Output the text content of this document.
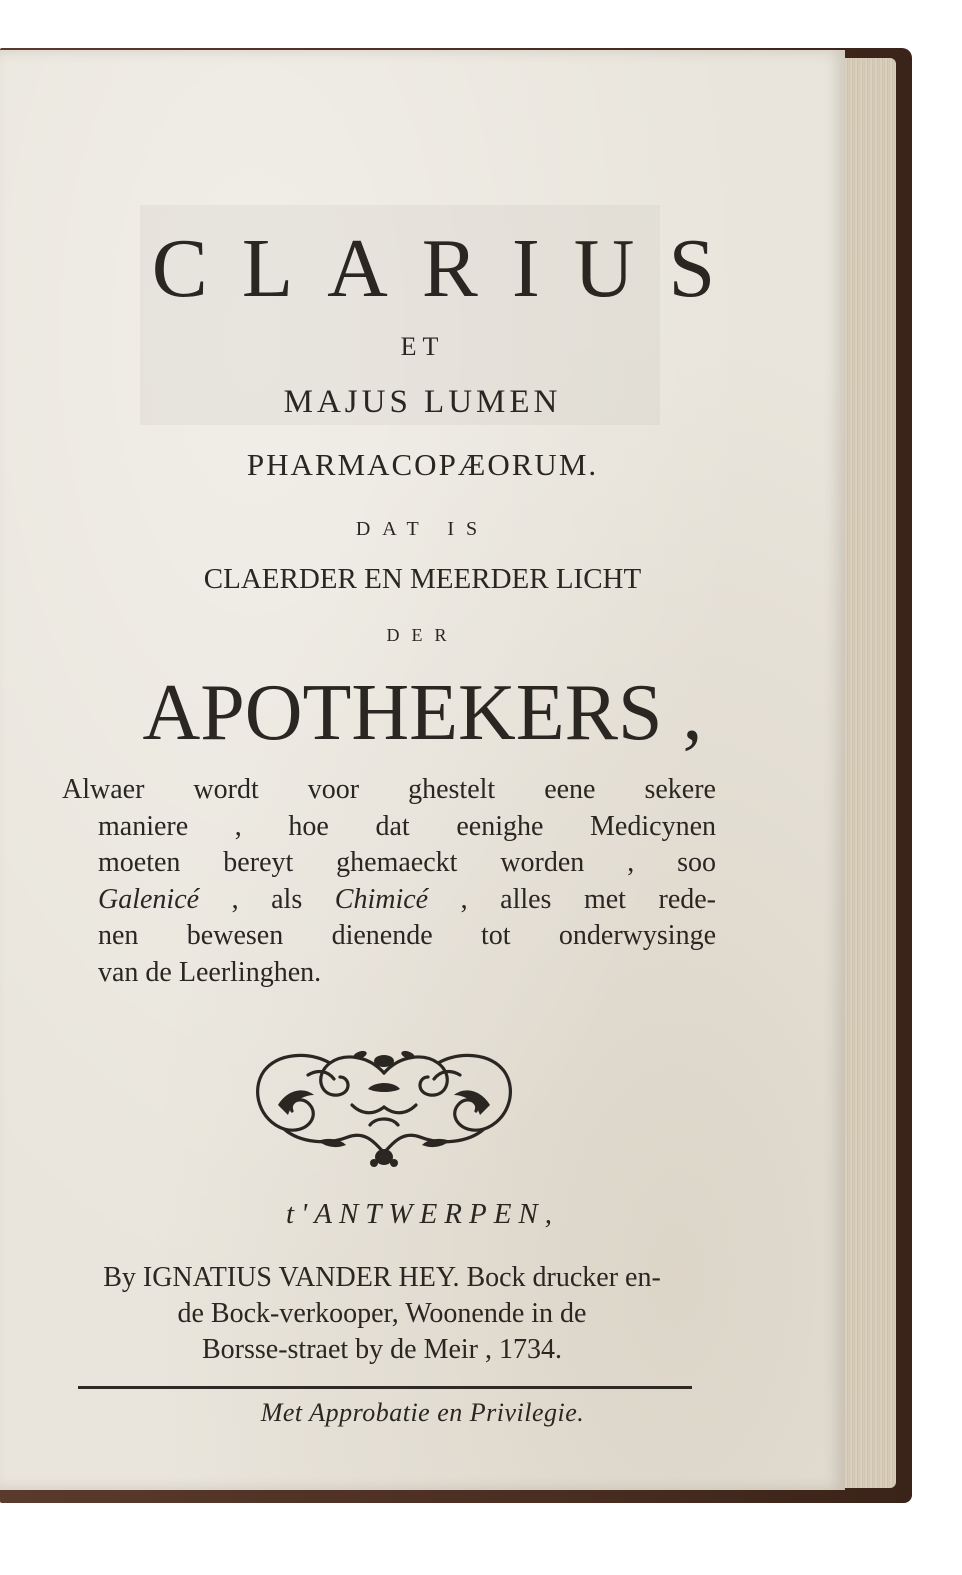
CLARIUS
ET
MAJUS LUMEN
PHARMACOPÆORUM.
DAT IS
CLAERDER EN MEERDER LICHT
DER
APOTHEKERS ,
Alwaer wordt voor ghestelt eene sekere
maniere , hoe dat eenighe Medicynen
moeten bereyt ghemaeckt worden , soo
Galenicé , als Chimicé , alles met rede-
nen bewesen dienende tot onderwysinge
van de Leerlinghen.
t'ANTWERPEN,
By IGNATIUS VANDER HEY. Bock drucker en-
de Bock-verkooper, Woonende in de
Borsse-straet by de Meir , 1734.
Met Approbatie en Privilegie.
